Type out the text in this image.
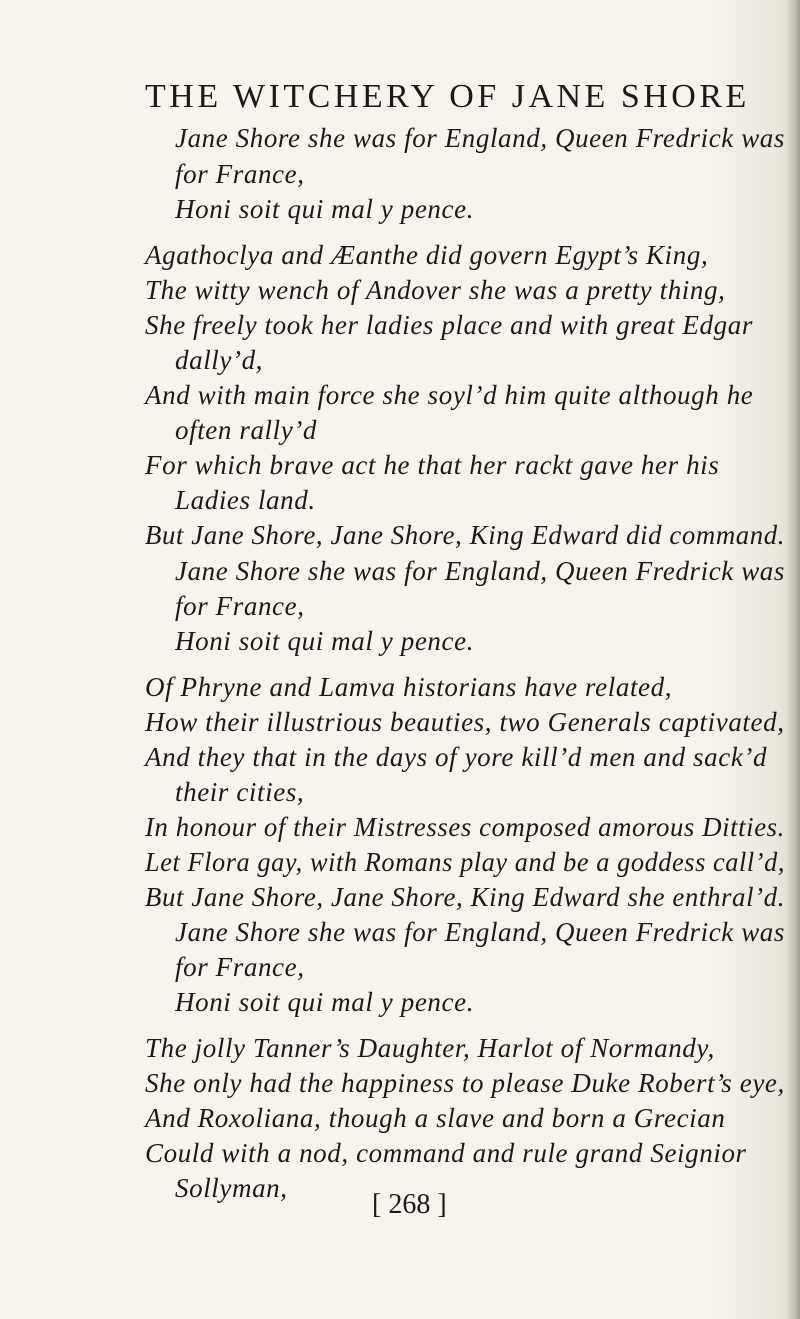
THE WITCHERY OF JANE SHORE
Jane Shore she was for England, Queen Fredrick was
for France,
Honi soit qui mal y pence.
Agathoclya and Æanthe did govern Egypt’s King,
The witty wench of Andover she was a pretty thing,
She freely took her ladies place and with great Edgar
dally’d,
And with main force she soyl’d him quite although he
often rally’d
For which brave act he that her rackt gave her his
Ladies land.
But Jane Shore, Jane Shore, King Edward did command.
Jane Shore she was for England, Queen Fredrick was
for France,
Honi soit qui mal y pence.
Of Phryne and Lamva historians have related,
How their illustrious beauties, two Generals captivated,
And they that in the days of yore kill’d men and sack’d
their cities,
In honour of their Mistresses composed amorous Ditties.
Let Flora gay, with Romans play and be a goddess call’d,
But Jane Shore, Jane Shore, King Edward she enthral’d.
Jane Shore she was for England, Queen Fredrick was
for France,
Honi soit qui mal y pence.
The jolly Tanner’s Daughter, Harlot of Normandy,
She only had the happiness to please Duke Robert’s eye,
And Roxoliana, though a slave and born a Grecian
Could with a nod, command and rule grand Seignior
Sollyman,
[ 268 ]
